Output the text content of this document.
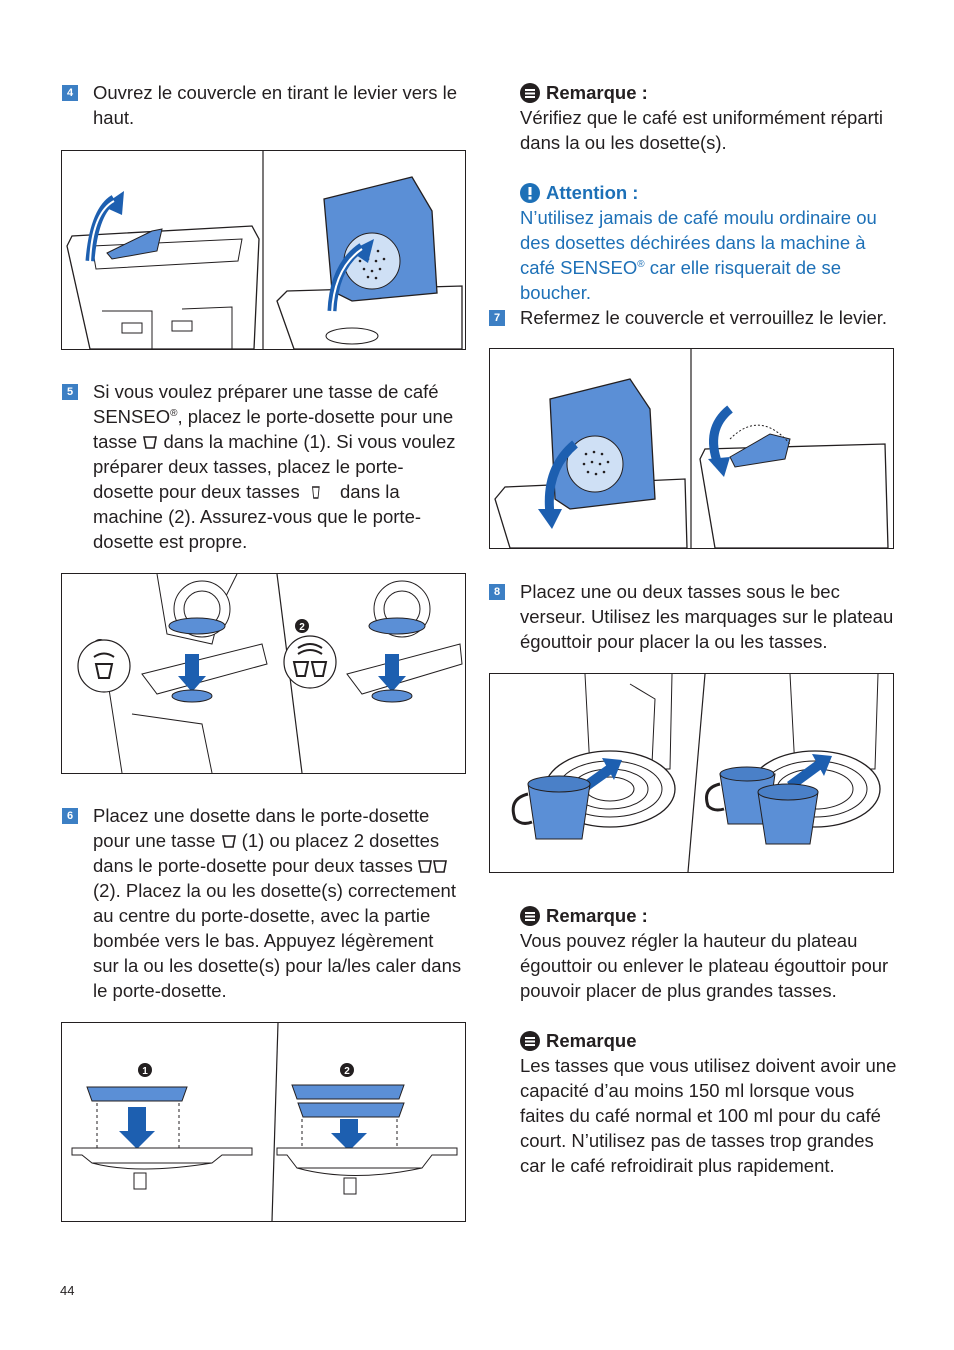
4 Ouvrez le couvercle en tirant le levier vers le haut.
5 Si vous voulez préparer une tasse de café SENSEO®, placez le porte-dosette pour une tasse  dans la machine (1). Si vous voulez préparer deux tasses, placez le porte-dosette pour deux tasses  dans la machine (2). Assurez-vous que le porte-dosette est propre.
2
6 Placez une dosette dans le porte-dosette pour une tasse  (1) ou placez 2 dosettes dans le porte-dosette pour deux tasses  (2). Placez la ou les dosette(s) correctement au centre du porte-dosette, avec la partie bombée vers le bas. Appuyez légèrement sur la ou les dosette(s) pour la/les caler dans le porte-dosette.
1	2
Remarque :
Vérifiez que le café est uniformément réparti dans la ou les dosette(s).
Attention :
N’utilisez jamais de café moulu ordinaire ou des dosettes déchirées dans la machine à café SENSEO® car elle risquerait de se boucher.
7 Refermez le couvercle et verrouillez le levier.
8 Placez une ou deux tasses sous le bec verseur. Utilisez les marquages sur le plateau égouttoir pour placer la ou les tasses.
Remarque :
Vous pouvez régler la hauteur du plateau égouttoir ou enlever le plateau égouttoir pour pouvoir placer de plus grandes tasses.
Remarque
Les tasses que vous utilisez doivent avoir une capacité d’au moins 150 ml lorsque vous faites du café normal et 100 ml pour du café court. N’utilisez pas de tasses trop grandes car le café refroidirait plus rapidement.
44
